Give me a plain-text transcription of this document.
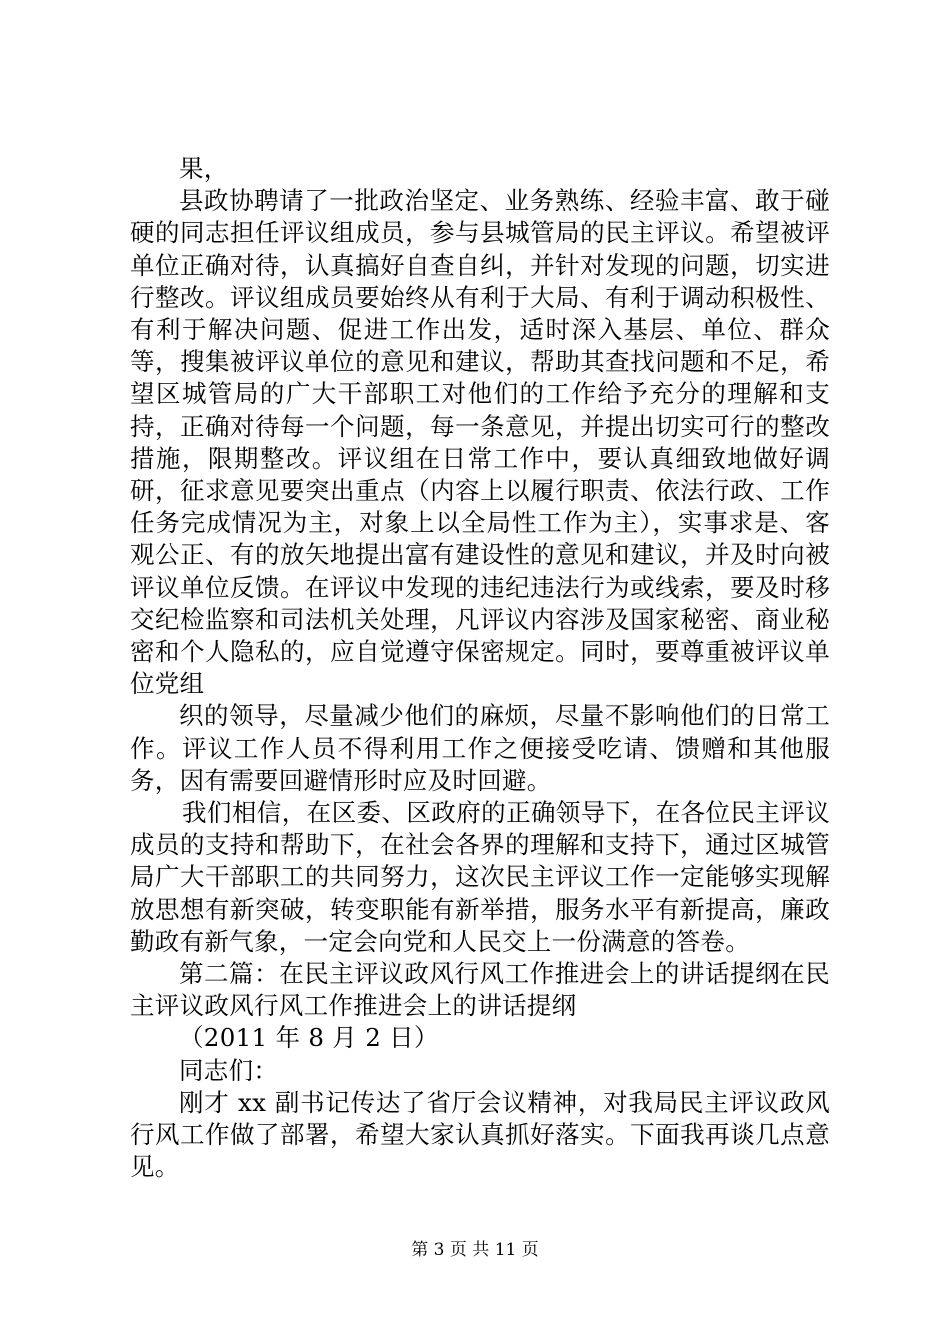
果，

县政协聘请了一批政治坚定、业务熟练、经验丰富、敢于碰硬的同志担任评议组成员，参与县城管局的民主评议。希望被评单位正确对待，认真搞好自查自纠，并针对发现的问题，切实进行整改。评议组成员要始终从有利于大局、有利于调动积极性、有利于解决问题、促进工作出发，适时深入基层、单位、群众等，搜集被评议单位的意见和建议，帮助其查找问题和不足，希望区城管局的广大干部职工对他们的工作给予充分的理解和支持，正确对待每一个问题，每一条意见，并提出切实可行的整改措施，限期整改。评议组在日常工作中，要认真细致地做好调研，征求意见要突出重点（内容上以履行职责、依法行政、工作任务完成情况为主，对象上以全局性工作为主），实事求是、客观公正、有的放矢地提出富有建设性的意见和建议，并及时向被评议单位反馈。在评议中发现的违纪违法行为或线索，要及时移交纪检监察和司法机关处理，凡评议内容涉及国家秘密、商业秘密和个人隐私的，应自觉遵守保密规定。同时，要尊重被评议单位党组

织的领导，尽量减少他们的麻烦，尽量不影响他们的日常工作。评议工作人员不得利用工作之便接受吃请、馈赠和其他服务，因有需要回避情形时应及时回避。

我们相信，在区委、区政府的正确领导下，在各位民主评议成员的支持和帮助下，在社会各界的理解和支持下，通过区城管局广大干部职工的共同努力，这次民主评议工作一定能够实现解放思想有新突破，转变职能有新举措，服务水平有新提高，廉政勤政有新气象，一定会向党和人民交上一份满意的答卷。

第二篇：在民主评议政风行风工作推进会上的讲话提纲在民主评议政风行风工作推进会上的讲话提纲

（2011 年 8 月 2 日）

同志们：

刚才 xx 副书记传达了省厅会议精神，对我局民主评议政风行风工作做了部署，希望大家认真抓好落实。下面我再谈几点意见。

第 3 页 共 11 页
